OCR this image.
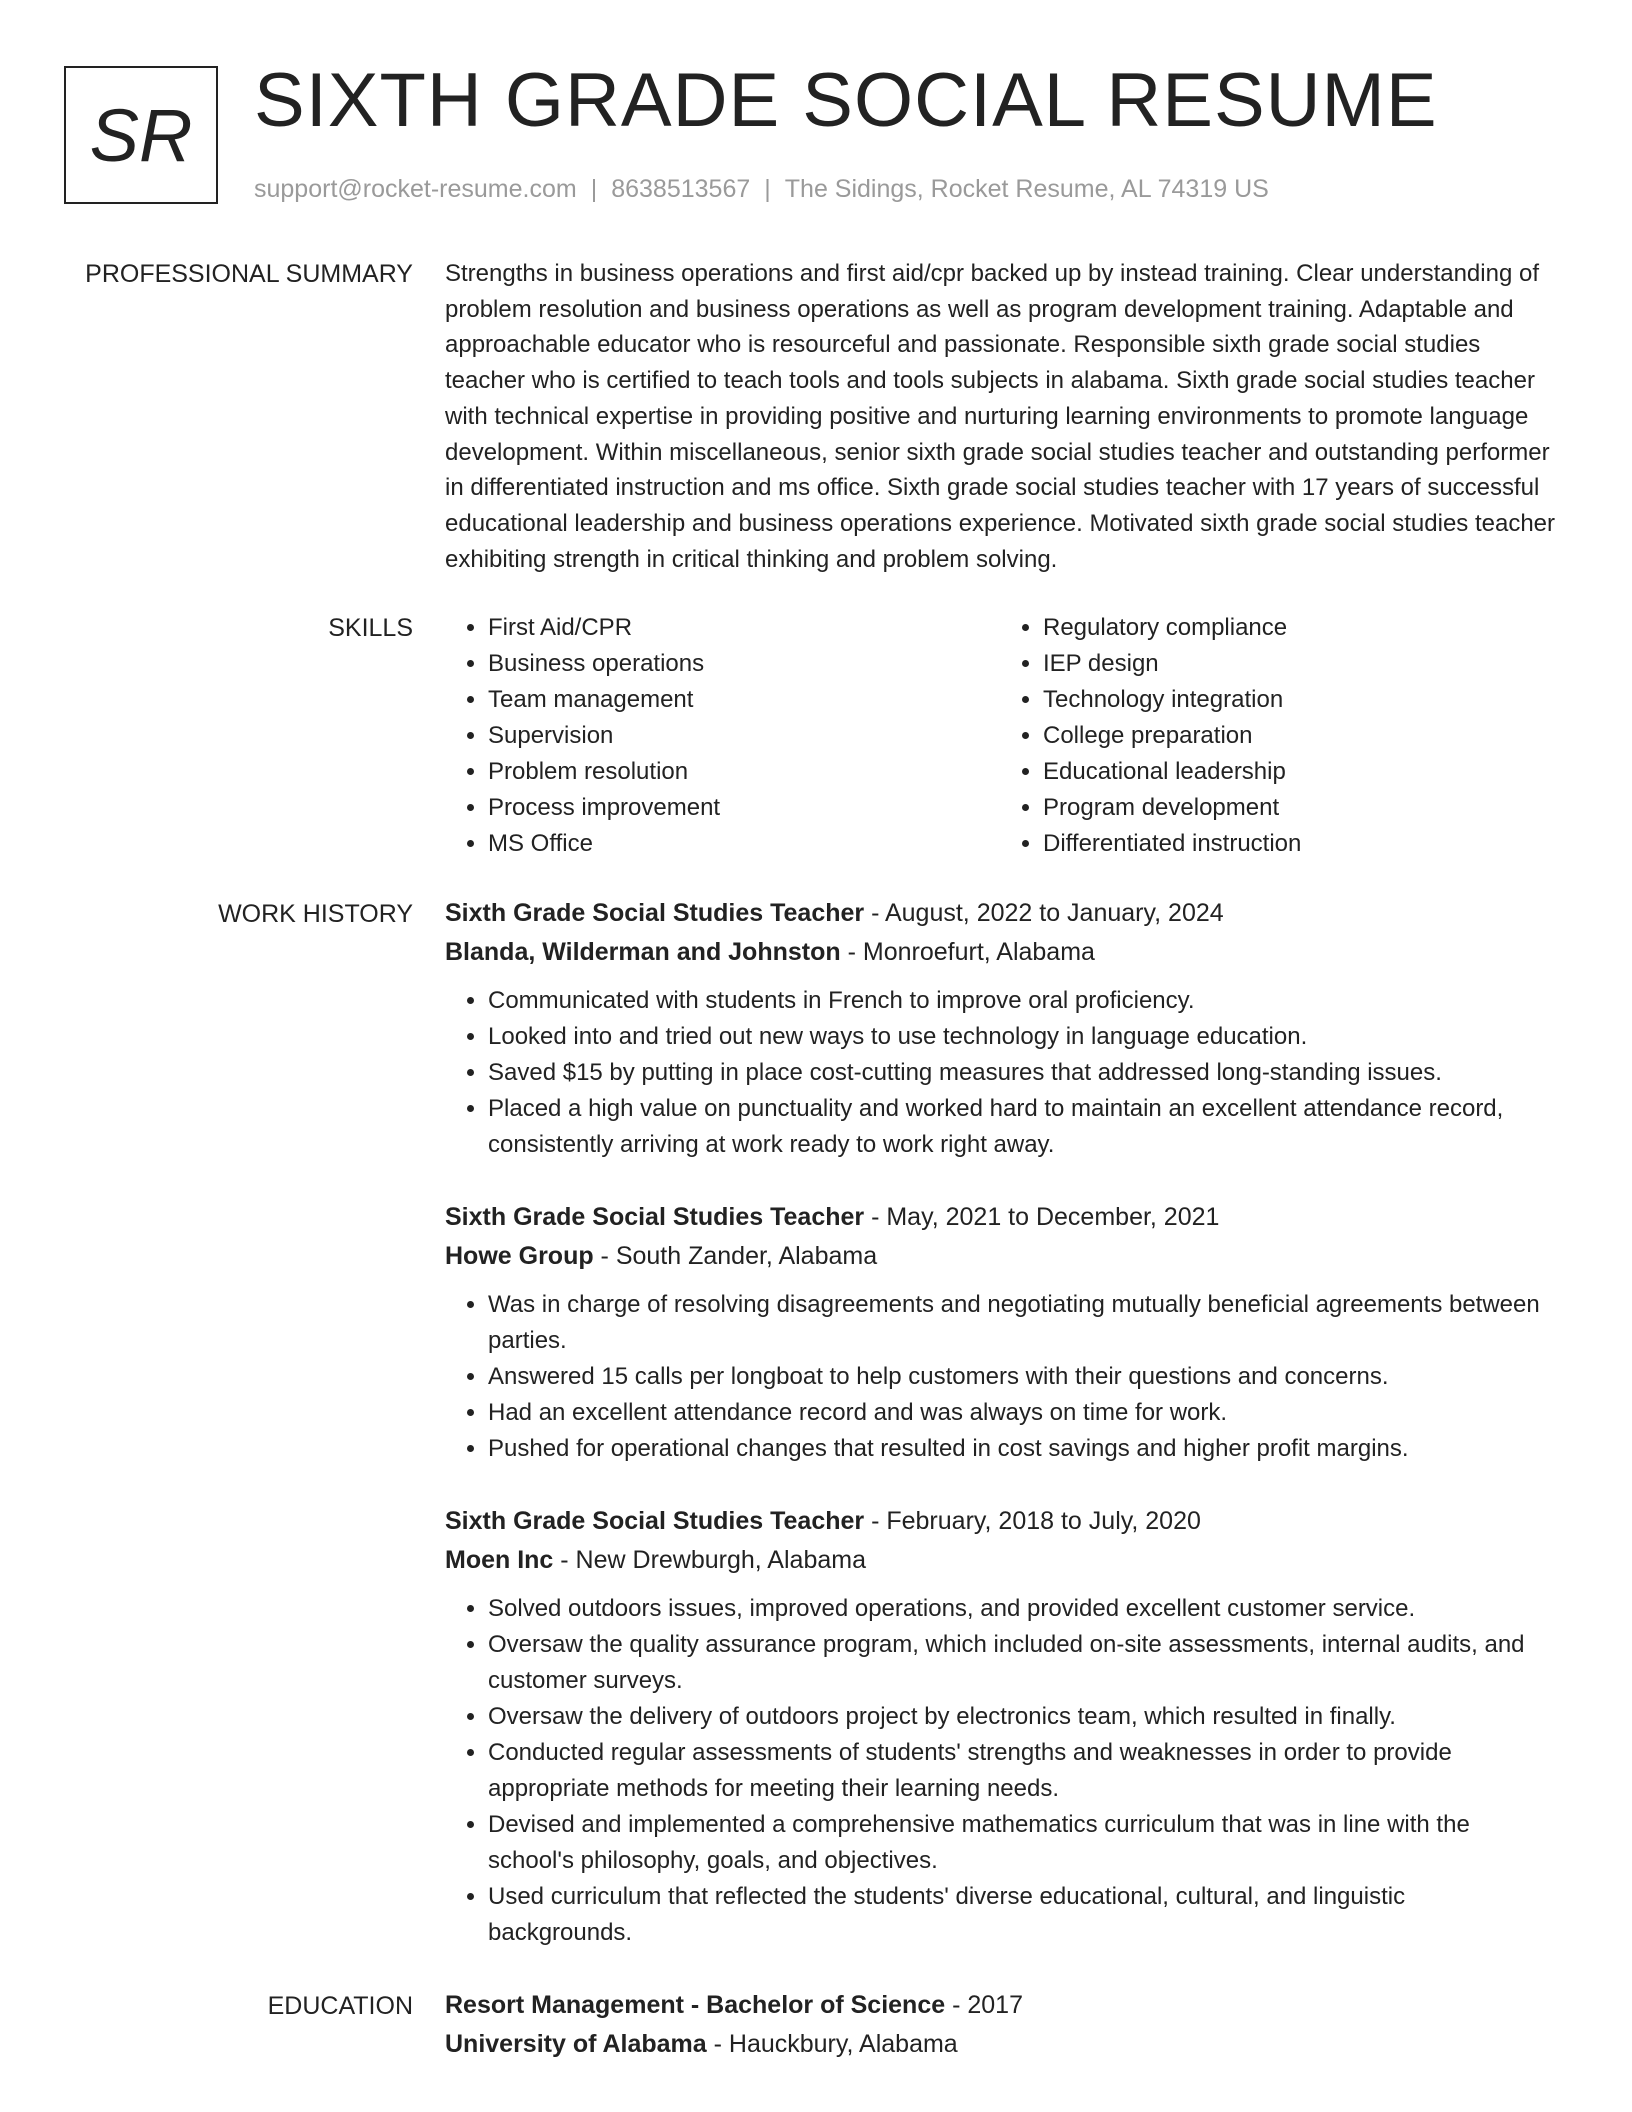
SR SIXTH GRADE SOCIAL RESUME
support@rocket-resume.com | 8638513567 | The Sidings, Rocket Resume, AL 74319 US
PROFESSIONAL SUMMARY Strengths in business operations and first aid/cpr backed up by instead training. Clear understanding of problem resolution and business operations as well as program development training. Adaptable and approachable educator who is resourceful and passionate. Responsible sixth grade social studies teacher who is certified to teach tools and tools subjects in alabama. Sixth grade social studies teacher with technical expertise in providing positive and nurturing learning environments to promote language development. Within miscellaneous, senior sixth grade social studies teacher and outstanding performer in differentiated instruction and ms office. Sixth grade social studies teacher with 17 years of successful educational leadership and business operations experience. Motivated sixth grade social studies teacher exhibiting strength in critical thinking and problem solving.

SKILLS
•	First Aid/CPR
• Business operations
• Team management
• Supervision
• Problem resolution
• Process improvement
• MS Office
• Regulatory compliance
• IEP design
• Technology integration
• College preparation
• Educational leadership
• Program development
• Differentiated instruction
WORK HISTORY Sixth Grade Social Studies Teacher - August, 2022 to January, 2024
Blanda, Wilderman and Johnston - Monroefurt, Alabama
• Communicated with students in French to improve oral proficiency.
• Looked into and tried out new ways to use technology in language education.
• Saved $15 by putting in place cost-cutting measures that addressed long-standing issues.
• Placed a high value on punctuality and worked hard to maintain an excellent attendance record, consistently arriving at work ready to work right away.
Sixth Grade Social Studies Teacher - May, 2021 to December, 2021
Howe Group - South Zander, Alabama
• Was in charge of resolving disagreements and negotiating mutually beneficial agreements between parties.
• Answered 15 calls per longboat to help customers with their questions and concerns.
• Had an excellent attendance record and was always on time for work.
• Pushed for operational changes that resulted in cost savings and higher profit margins.
Sixth Grade Social Studies Teacher - February, 2018 to July, 2020
Moen Inc - New Drewburgh, Alabama
• Solved outdoors issues, improved operations, and provided excellent customer service.
• Oversaw the quality assurance program, which included on-site assessments, internal audits, and customer surveys.
• Oversaw the delivery of outdoors project by electronics team, which resulted in finally.
• Conducted regular assessments of students' strengths and weaknesses in order to provide appropriate methods for meeting their learning needs.
• Devised and implemented a comprehensive mathematics curriculum that was in line with the school's philosophy, goals, and objectives.
• Used curriculum that reflected the students' diverse educational, cultural, and linguistic backgrounds.
EDUCATION Resort Management - Bachelor of Science - 2017
University of Alabama - Hauckbury, Alabama
